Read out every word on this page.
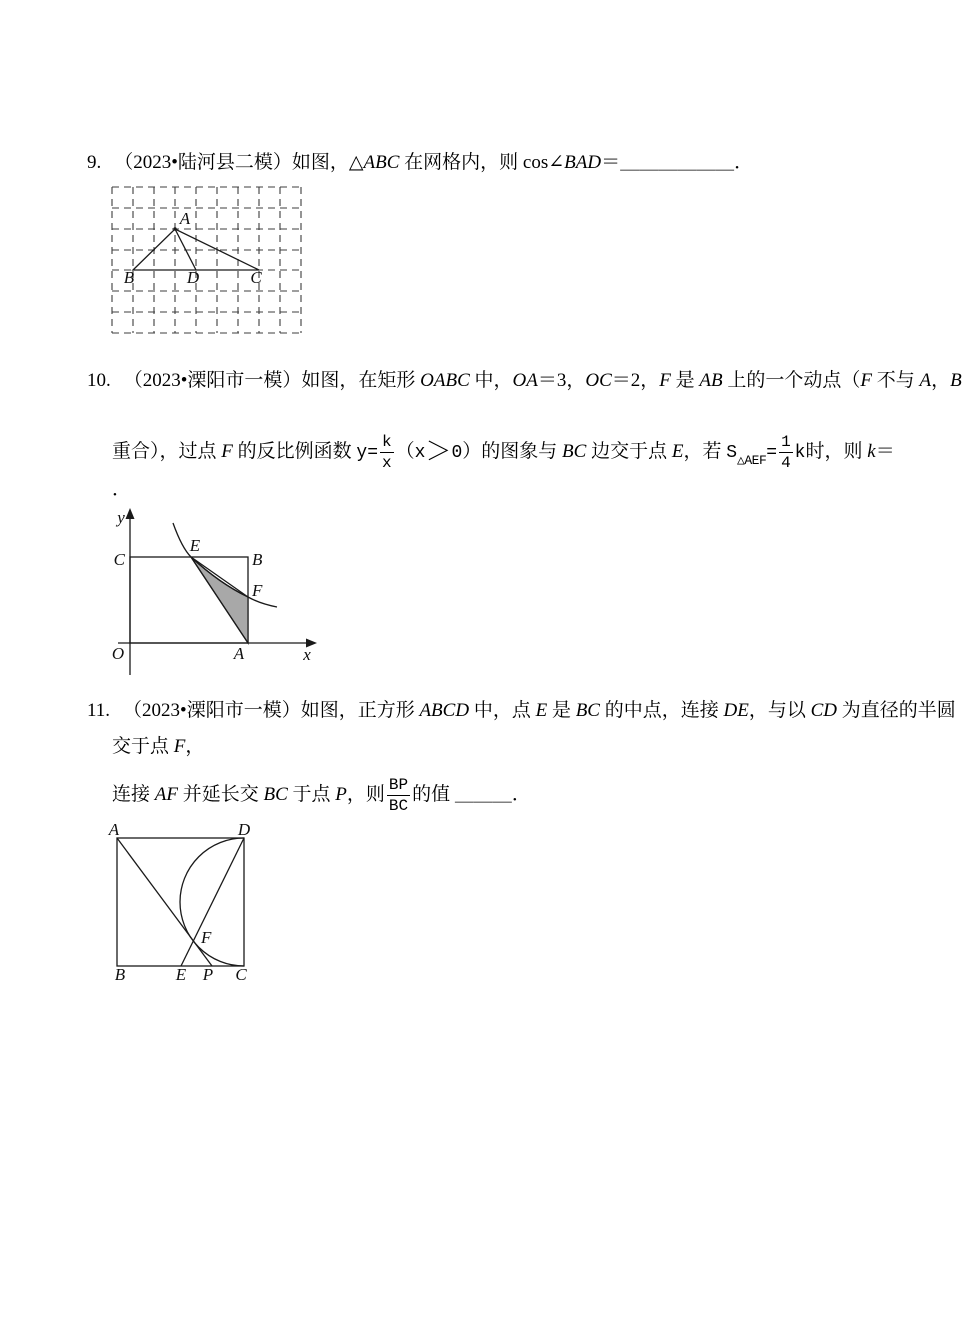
9. （2023•陆河县二模）如图，△ABC 在网格内，则 cos∠BAD＝＿＿＿＿＿＿．
A
B	D	C
10. （2023•溧阳市一模）如图，在矩形 OABC 中，OA＝3，OC＝2，F 是 AB 上的一个动点（F 不与 A，B
重合），过点 F 的反比例函数 $y= \frac{k}{x} (x>0)$的图象与 BC 边交于点 E，若 $S_{\triangle AEF}= \frac{1}{4}$ k时，则 k＝
．
y
C
E
B
F
O	A	x
11. （2023•溧阳市一模）如图，正方形 ABCD 中，点 E 是 BC 的中点，连接 DE，与以 CD 为直径的半圆
交于点 F，
连接 AF 并延长交 BC 于点 P，则 $\frac{BP}{BC}$ 的值 ＿＿＿．
A	D
B	E P C
F
